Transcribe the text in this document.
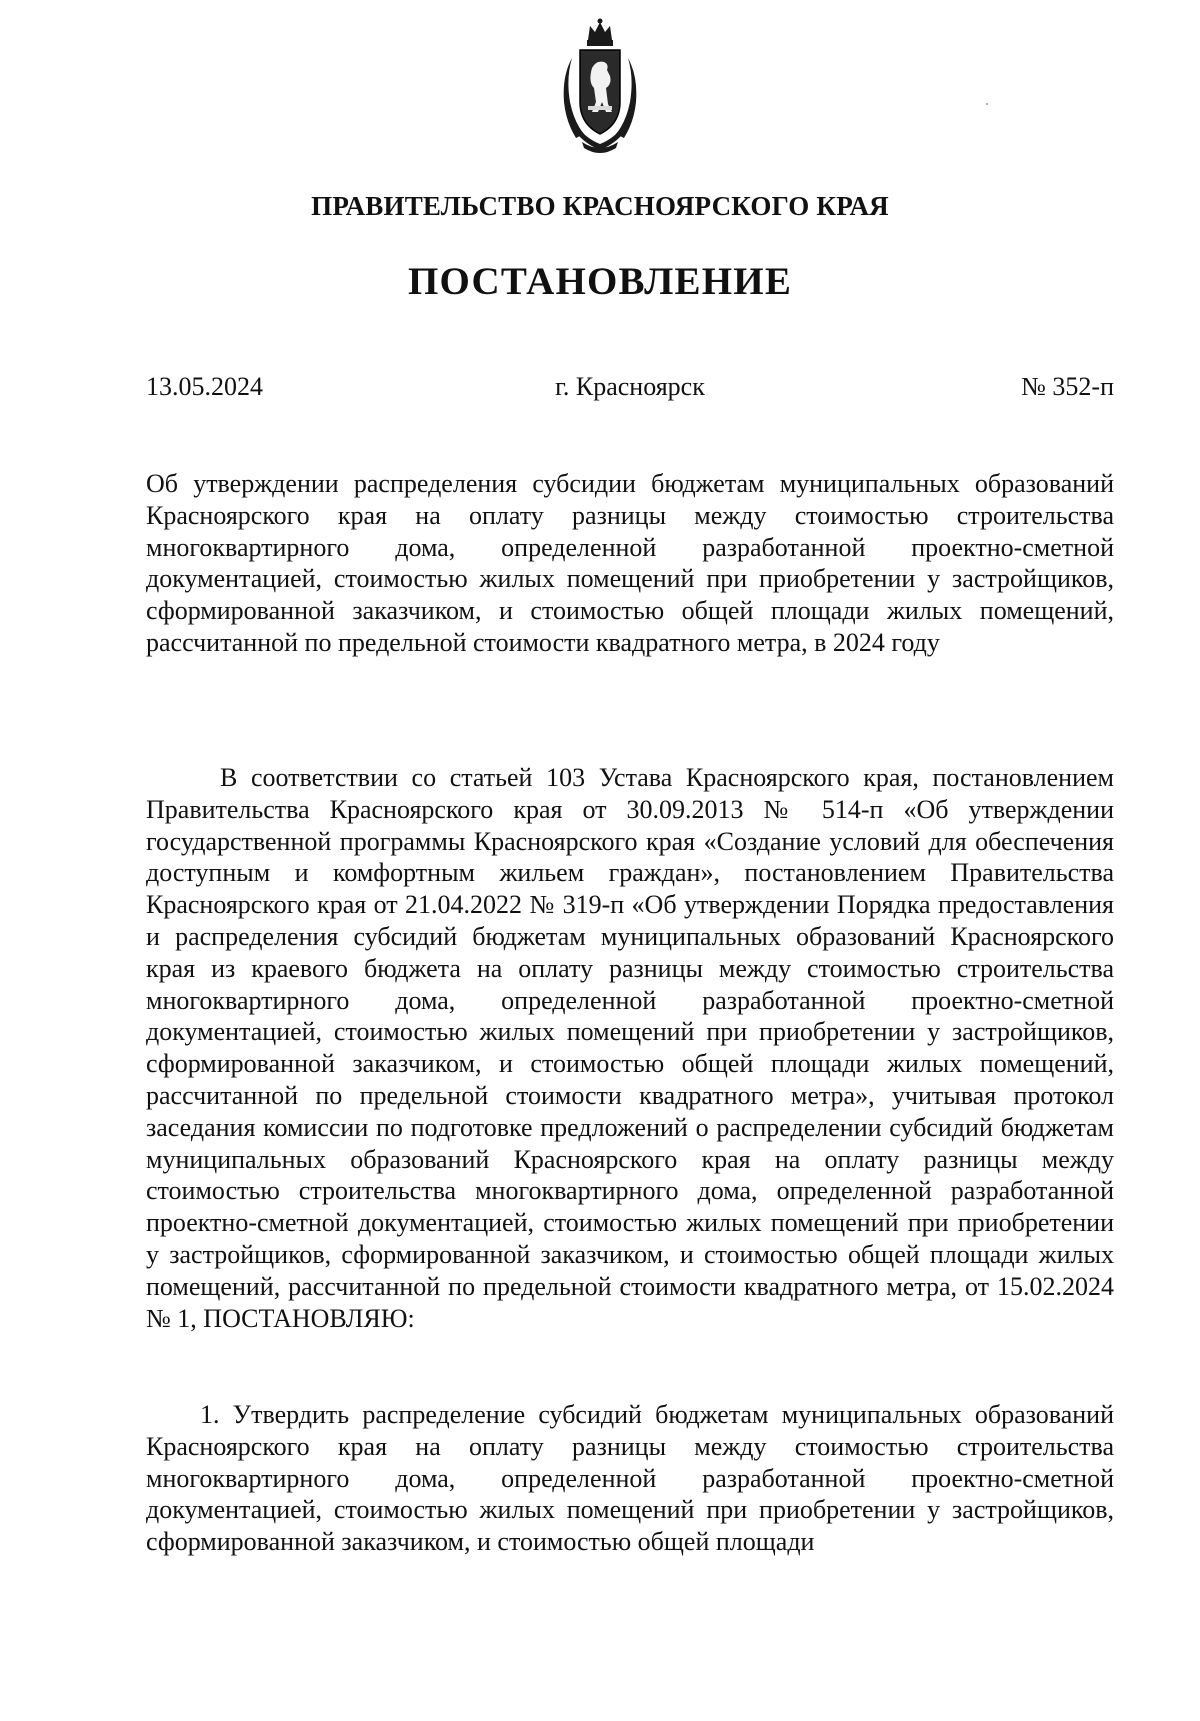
ПРАВИТЕЛЬСТВО КРАСНОЯРСКОГО КРАЯ
ПОСТАНОВЛЕНИЕ
13.05.2024	г. Красноярск	№ 352-п

Об утверждении распределения субсидии бюджетам муниципальных образований Красноярского края на оплату разницы между стоимостью строительства многоквартирного дома, определенной разработанной проектно-сметной документацией, стоимостью жилых помещений при приобретении у застройщиков, сформированной заказчиком, и стоимостью общей площади жилых помещений, рассчитанной по предельной стоимости квадратного метра, в 2024 году

В соответствии со статьей 103 Устава Красноярского края, постановлением Правительства Красноярского края от 30.09.2013 № 514-п «Об утверждении государственной программы Красноярского края «Создание условий для обеспечения доступным и комфортным жильем граждан», постановлением Правительства Красноярского края от 21.04.2022 № 319-п «Об утверждении Порядка предоставления и распределения субсидий бюджетам муниципальных образований Красноярского края из краевого бюджета на оплату разницы между стоимостью строительства многоквартирного дома, определенной разработанной проектно-сметной документацией, стоимостью жилых помещений при приобретении у застройщиков, сформированной заказчиком, и стоимостью общей площади жилых помещений, рассчитанной по предельной стоимости квадратного метра», учитывая протокол заседания комиссии по подготовке предложений о распределении субсидий бюджетам муниципальных образований Красноярского края на оплату разницы между стоимостью строительства многоквартирного дома, определенной разработанной проектно-сметной документацией, стоимостью жилых помещений при приобретении у застройщиков, сформированной заказчиком, и стоимостью общей площади жилых помещений, рассчитанной по предельной стоимости квадратного метра, от 15.02.2024 № 1, ПОСТАНОВЛЯЮ:

1. Утвердить распределение субсидий бюджетам муниципальных образований Красноярского края на оплату разницы между стоимостью строительства многоквартирного дома, определенной разработанной проектно-сметной документацией, стоимостью жилых помещений при приобретении у застройщиков, сформированной заказчиком, и стоимостью общей площади
